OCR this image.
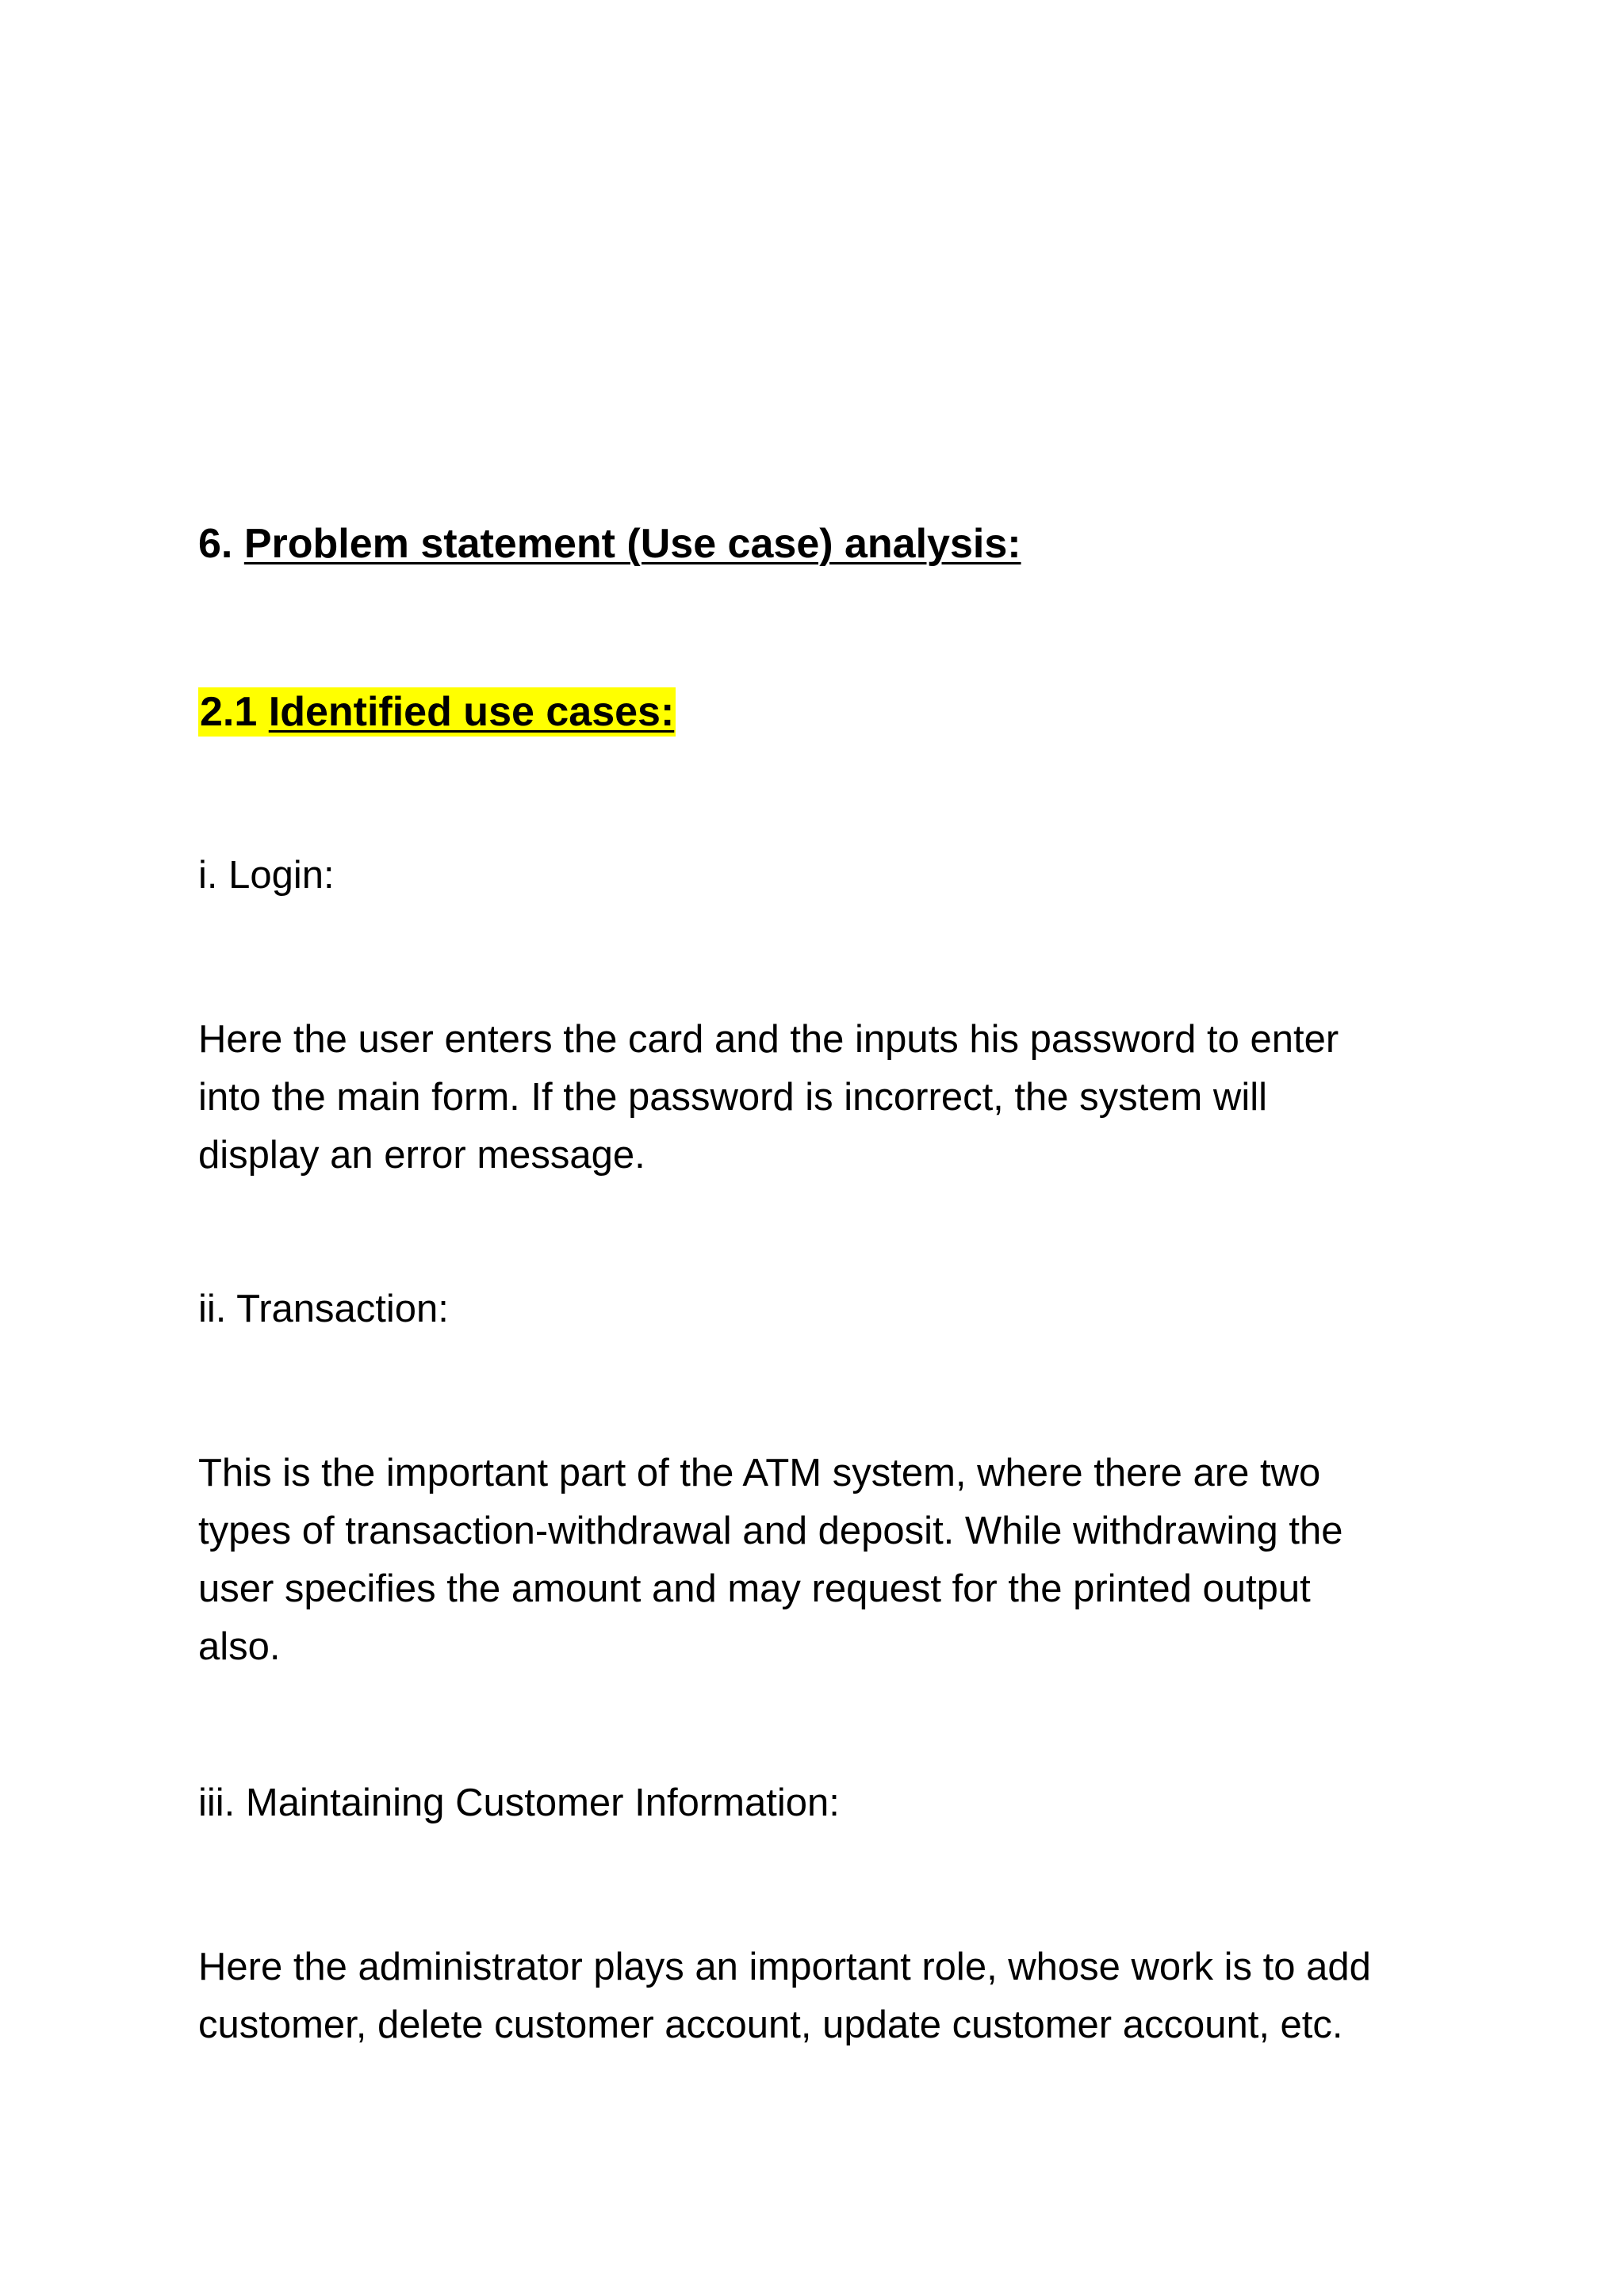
6. Problem statement (Use case) analysis:
2.1 Identified use cases:
i. Login:

Here the user enters the card and the inputs his password to enter
into the main form. If the password is incorrect, the system will
display an error message.

ii. Transaction:

This is the important part of the ATM system, where there are two
types of transaction-withdrawal and deposit. While withdrawing the
user specifies the amount and may request for the printed output
also.

iii. Maintaining Customer Information:

Here the administrator plays an important role, whose work is to add
customer, delete customer account, update customer account, etc.
